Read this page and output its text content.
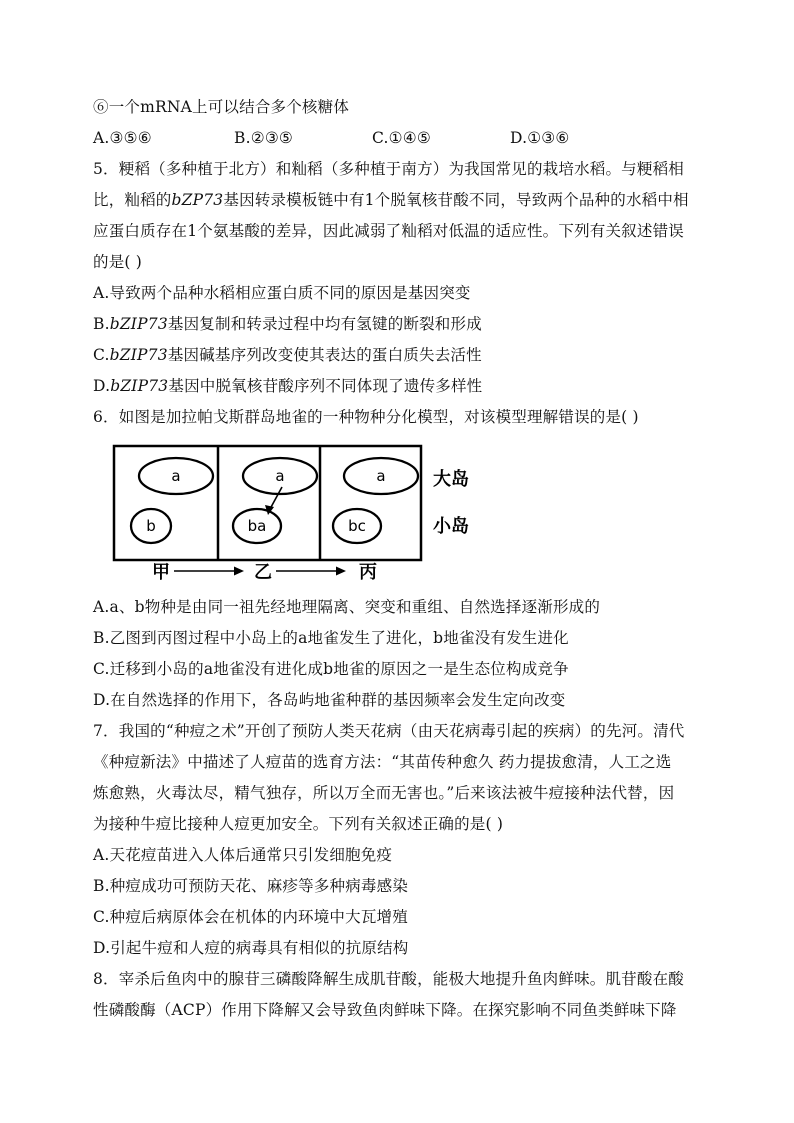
⑥一个mRNA上可以结合多个核糖体
A.③⑤⑥	B.②③⑤	C.①④⑤	D.①③⑥
5．粳稻（多种植于北方）和籼稻（多种植于南方）为我国常见的栽培水稻。与粳稻相
比，籼稻的bZP73基因转录模板链中有1个脱氧核苷酸不同，导致两个品种的水稻中相
应蛋白质存在1个氨基酸的差异，因此减弱了籼稻对低温的适应性。下列有关叙述错误
的是( )
A.导致两个品种水稻相应蛋白质不同的原因是基因突变
B.bZIP73基因复制和转录过程中均有氢键的断裂和形成
C.bZIP73基因碱基序列改变使其表达的蛋白质失去活性
D.bZIP73基因中脱氧核苷酸序列不同体现了遗传多样性
6．如图是加拉帕戈斯群岛地雀的一种物种分化模型，对该模型理解错误的是( )
a
b
a
ba
a
bc
大岛
小岛
甲	乙	丙
A.a、b物种是由同一祖先经地理隔离、突变和重组、自然选择逐渐形成的
B.乙图到丙图过程中小岛上的a地雀发生了进化，b地雀没有发生进化
C.迁移到小岛的a地雀没有进化成b地雀的原因之一是生态位构成竞争
D.在自然选择的作用下，各岛屿地雀种群的基因频率会发生定向改变
7．我国的“种痘之术”开创了预防人类天花病（由天花病毒引起的疾病）的先河。清代
《种痘新法》中描述了人痘苗的选育方法：“其苗传种愈久 药力提拔愈清，人工之选
炼愈熟，火毒汰尽，精气独存，所以万全而无害也。”后来该法被牛痘接种法代替，因
为接种牛痘比接种人痘更加安全。下列有关叙述正确的是( )
A.天花痘苗进入人体后通常只引发细胞免疫
B.种痘成功可预防天花、麻疹等多种病毒感染
C.种痘后病原体会在机体的内环境中大瓦增殖
D.引起牛痘和人痘的病毒具有相似的抗原结构
8．宰杀后鱼肉中的腺苷三磷酸降解生成肌苷酸，能极大地提升鱼肉鲜味。肌苷酸在酸
性磷酸酶（ACP）作用下降解又会导致鱼肉鲜味下降。在探究影响不同鱼类鲜味下降
